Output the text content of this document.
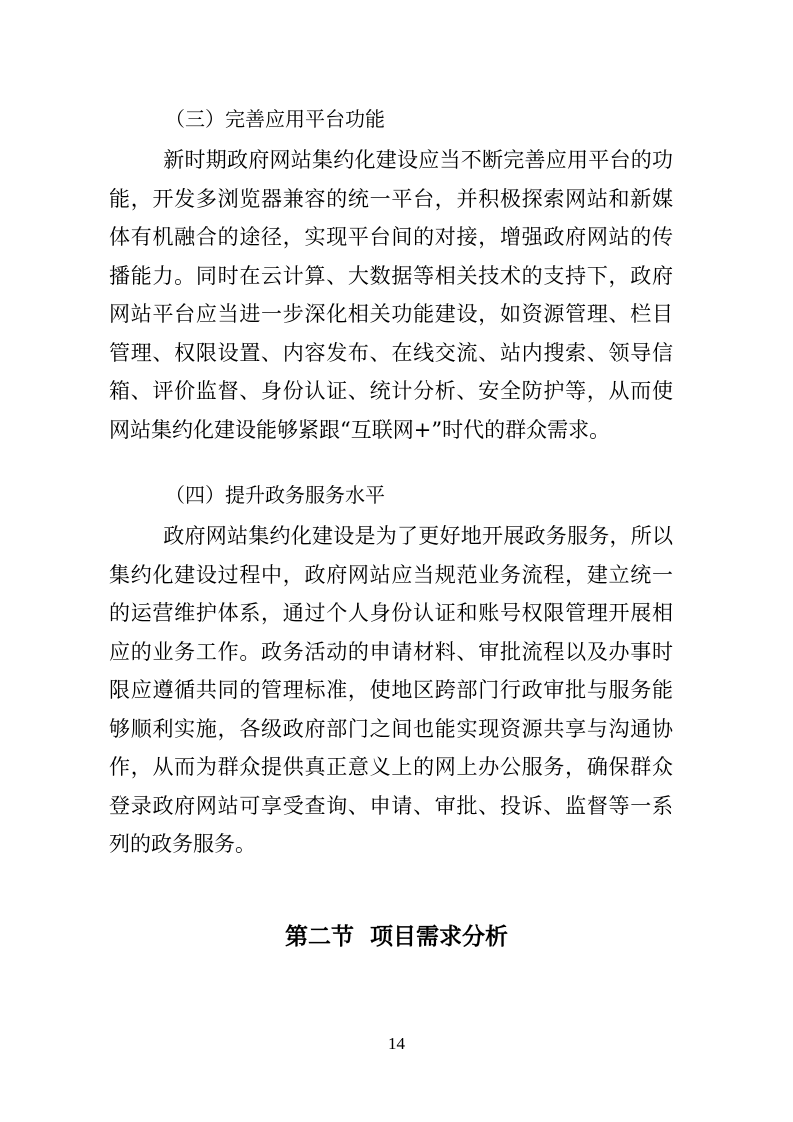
（三）完善应用平台功能

新时期政府网站集约化建设应当不断完善应用平台的功能，开发多浏览器兼容的统一平台，并积极探索网站和新媒体有机融合的途径，实现平台间的对接，增强政府网站的传播能力。同时在云计算、大数据等相关技术的支持下，政府网站平台应当进一步深化相关功能建设，如资源管理、栏目管理、权限设置、内容发布、在线交流、站内搜索、领导信箱、评价监督、身份认证、统计分析、安全防护等，从而使网站集约化建设能够紧跟“互联网+”时代的群众需求。

（四）提升政务服务水平

政府网站集约化建设是为了更好地开展政务服务，所以集约化建设过程中，政府网站应当规范业务流程，建立统一的运营维护体系，通过个人身份认证和账号权限管理开展相应的业务工作。政务活动的申请材料、审批流程以及办事时限应遵循共同的管理标准，使地区跨部门行政审批与服务能够顺利实施，各级政府部门之间也能实现资源共享与沟通协作，从而为群众提供真正意义上的网上办公服务，确保群众登录政府网站可享受查询、申请、审批、投诉、监督等一系列的政务服务。

第二节  项目需求分析
14
